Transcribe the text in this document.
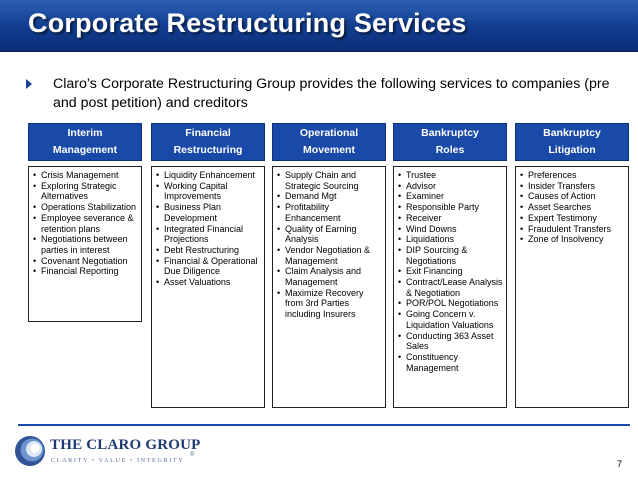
Corporate Restructuring Services
Claro’s Corporate Restructuring Group provides the following services to companies (pre and post petition) and creditors
Interim
Management
• Crisis Management
• Exploring Strategic Alternatives
• Operations Stabilization
• Employee severance & retention plans
• Negotiations between parties in interest
• Covenant Negotiation
• Financial Reporting
Financial
Restructuring
• Liquidity Enhancement
• Working Capital Improvements
• Business Plan Development
• Integrated Financial Projections
• Debt Restructuring
• Financial & Operational Due Diligence
• Asset Valuations
Operational
Movement
• Supply Chain and Strategic Sourcing
• Demand Mgt
• Profitability Enhancement
• Quality of Earning Analysis
• Vendor Negotiation & Management
• Claim Analysis and Management
• Maximize Recovery from 3rd Parties including Insurers
Bankruptcy
Roles
• Trustee
• Advisor
• Examiner
• Responsible Party
• Receiver
• Wind Downs
• Liquidations
• DIP Sourcing & Negotiations
• Exit Financing
• Contract/Lease Analysis & Negotiation
• POR/POL Negotiations
• Going Concern v. Liquidation Valuations
• Conducting 363 Asset Sales
• Constituency Management
Bankruptcy
Litigation
• Preferences
• Insider Transfers
• Causes of Action
• Asset Searches
• Expert Testimony
• Fraudulent Transfers
• Zone of Insolvency
THE CLARO GROUP
CLARITY • VALUE • INTEGRITY
®
7
